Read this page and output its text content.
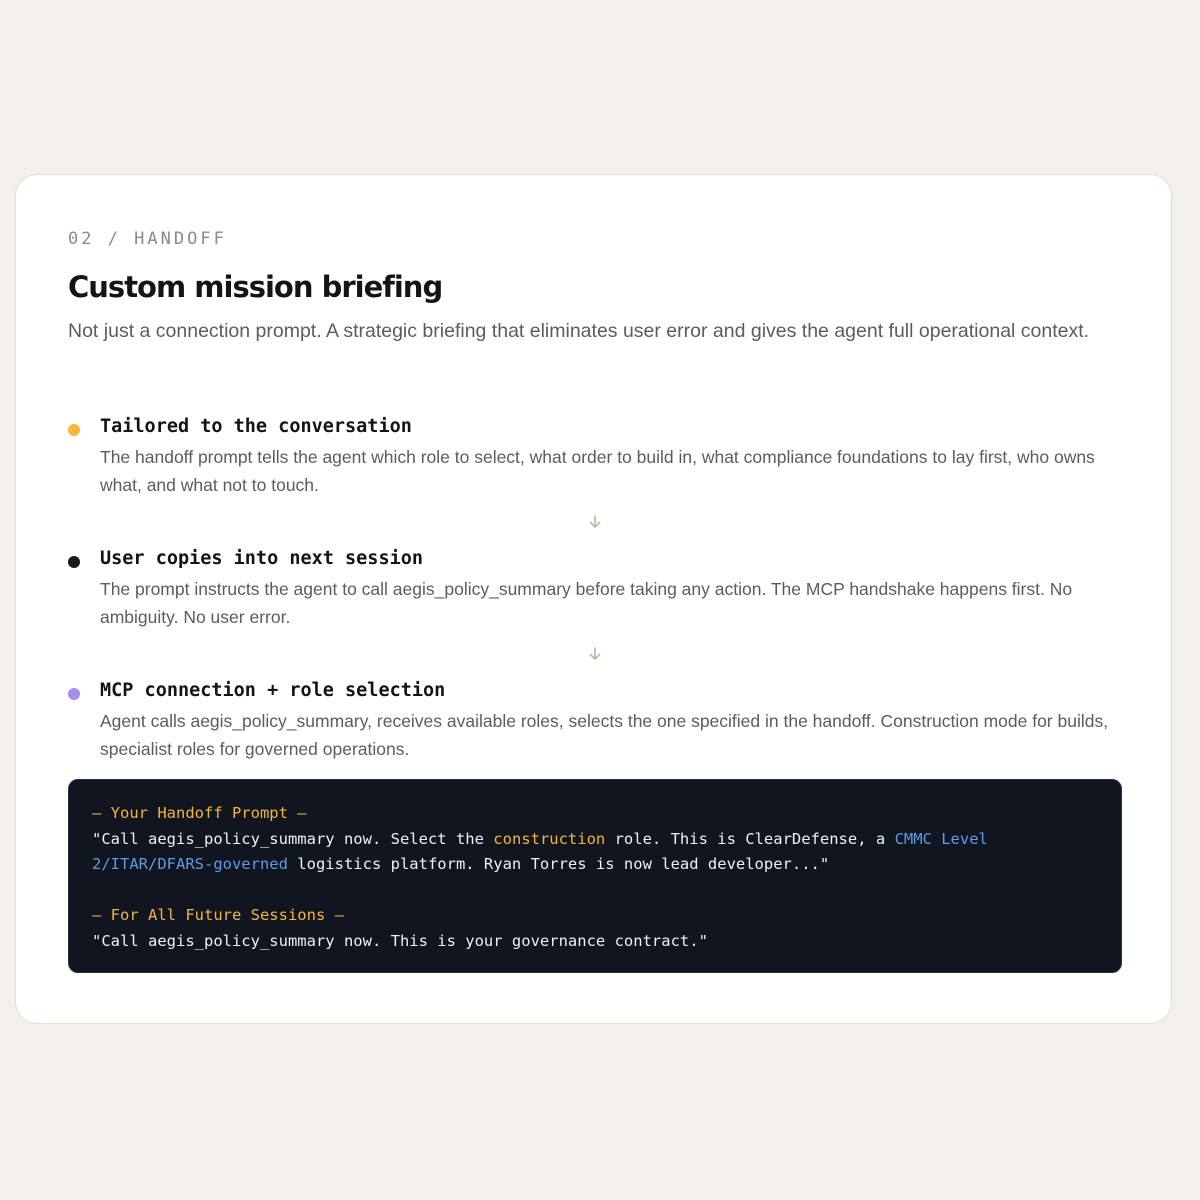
02 / HANDOFF

Custom mission briefing

Not just a connection prompt. A strategic briefing that eliminates user error and gives the agent full operational context.

Tailored to the conversation

The handoff prompt tells the agent which role to select, what order to build in, what compliance foundations to lay first, who owns what, and what not to touch.

User copies into next session

The prompt instructs the agent to call aegis_policy_summary before taking any action. The MCP handshake happens first. No ambiguity. No user error.

MCP connection + role selection

Agent calls aegis_policy_summary, receives available roles, selects the one specified in the handoff. Construction mode for builds, specialist roles for governed operations.

— Your Handoff Prompt —
"Call aegis_policy_summary now. Select the construction role. This is ClearDefense, a CMMC Level
2/ITAR/DFARS-governed logistics platform. Ryan Torres is now lead developer..."
— For All Future Sessions —
"Call aegis_policy_summary now. This is your governance contract."
